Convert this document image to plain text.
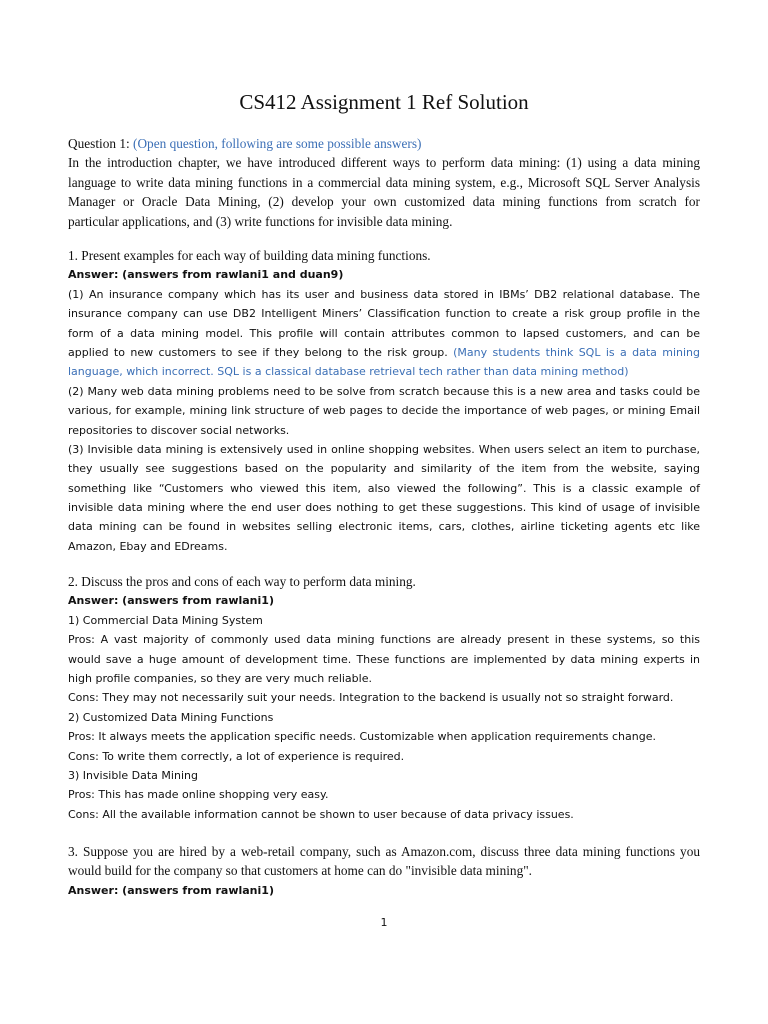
CS412 Assignment 1 Ref Solution
Question 1: (Open question, following are some possible answers)
In the introduction chapter, we have introduced different ways to perform data mining: (1) using a data mining
language to write data mining functions in a commercial data mining system, e.g., Microsoft SQL Server Analysis
Manager or Oracle Data Mining, (2) develop your own customized data mining functions from scratch for
particular applications, and (3) write functions for invisible data mining.
1. Present examples for each way of building data mining functions.
Answer: (answers from rawlani1 and duan9)
(1) An insurance company which has its user and business data stored in IBMs’ DB2 relational database. The
insurance company can use DB2 Intelligent Miners’ Classification function to create a risk group profile in the
form of a data mining model. This profile will contain attributes common to lapsed customers, and can be
applied to new customers to see if they belong to the risk group. (Many students think SQL is a data mining
language, which incorrect. SQL is a classical database retrieval tech rather than data mining method)
(2) Many web data mining problems need to be solve from scratch because this is a new area and tasks could be
various, for example, mining link structure of web pages to decide the importance of web pages, or mining Email
repositories to discover social networks.
(3) Invisible data mining is extensively used in online shopping websites. When users select an item to purchase,
they usually see suggestions based on the popularity and similarity of the item from the website, saying
something like “Customers who viewed this item, also viewed the following”. This is a classic example of
invisible data mining where the end user does nothing to get these suggestions. This kind of usage of invisible
data mining can be found in websites selling electronic items, cars, clothes, airline ticketing agents etc like
Amazon, Ebay and EDreams.
2. Discuss the pros and cons of each way to perform data mining.
Answer: (answers from rawlani1)
1) Commercial Data Mining System
Pros: A vast majority of commonly used data mining functions are already present in these systems, so this
would save a huge amount of development time. These functions are implemented by data mining experts in
high profile companies, so they are very much reliable.
Cons: They may not necessarily suit your needs. Integration to the backend is usually not so straight forward.
2) Customized Data Mining Functions
Pros: It always meets the application specific needs. Customizable when application requirements change.
Cons: To write them correctly, a lot of experience is required.
3) Invisible Data Mining
Pros: This has made online shopping very easy.
Cons: All the available information cannot be shown to user because of data privacy issues.
3. Suppose you are hired by a web-retail company, such as Amazon.com, discuss three data mining functions you
would build for the company so that customers at home can do "invisible data mining".
Answer: (answers from rawlani1)
1
